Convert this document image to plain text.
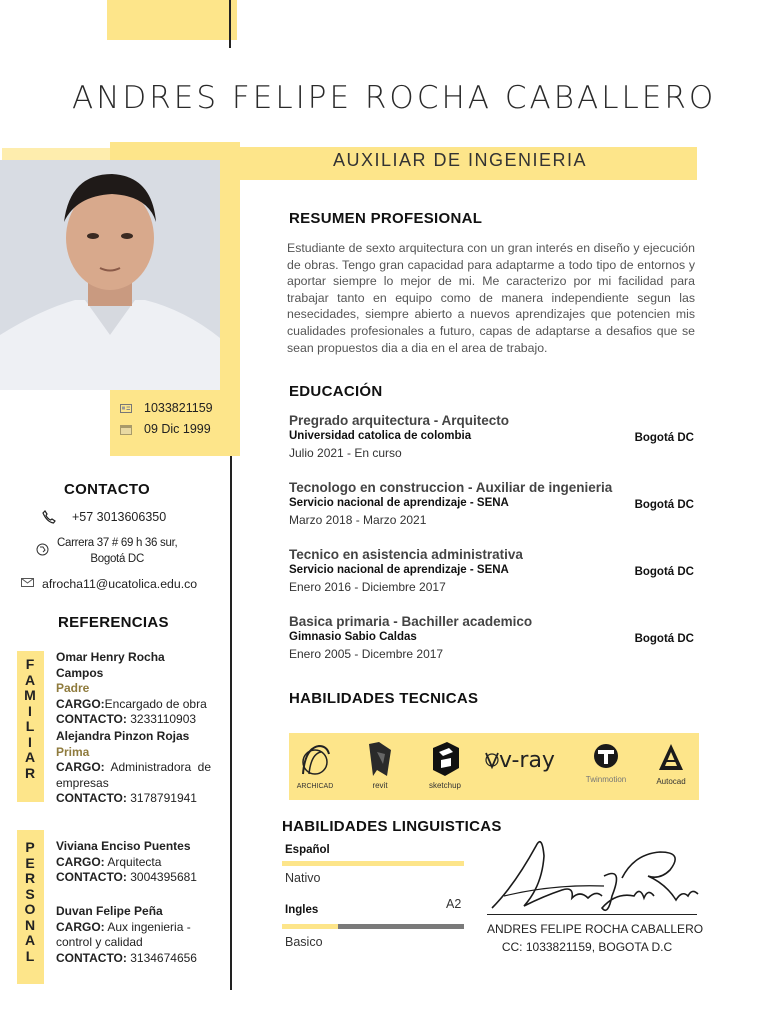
ANDRES FELIPE ROCHA CABALLERO
AUXILIAR DE INGENIERIA
1033821159
09 Dic 1999
CONTACTO
+57 3013606350
Carrera 37 # 69 h 36 sur,
Bogotá DC
afrocha11@ucatolica.edu.co
REFERENCIAS
F
A
M
I
L
I
A
R
P
E
R
S
O
N
A
L
Omar Henry Rocha Campos
Padre
CARGO:Encargado de obra
CONTACTO: 3233110903
Alejandra Pinzon Rojas
Prima
CARGO: Administradora de empresas
CONTACTO: 3178791941
Viviana Enciso Puentes
CARGO: Arquitecta
CONTACTO: 3004395681
Duvan Felipe Peña
CARGO: Aux ingenieria - control y calidad
CONTACTO: 3134674656
RESUMEN PROFESIONAL
Estudiante de sexto arquitectura con un gran interés en diseño y ejecución de obras. Tengo gran capacidad para adaptarme a todo tipo de entornos y aportar siempre lo mejor de mi. Me caracterizo por mi facilidad para trabajar tanto en equipo como de manera independiente segun las nesecidades, siempre abierto a nuevos aprendizajes que potencien mis cualidades profesionales a futuro, capas de adaptarse a desafios que se sean propuestos dia a dia en el area de trabajo.
EDUCACIÓN
Pregrado arquitectura - Arquitecto
Universidad catolica de colombia	Bogotá DC
Julio 2021 - En curso
Tecnologo en construccion - Auxiliar de ingenieria
Servicio nacional de aprendizaje - SENA	Bogotá DC
Marzo 2018 - Marzo 2021
Tecnico en asistencia administrativa
Servicio nacional de aprendizaje - SENA	Bogotá DC
Enero 2016 - Diciembre 2017
Basica primaria - Bachiller academico
Gimnasio Sabio Caldas	Bogotá DC
Enero 2005 - Dicembre 2017
HABILIDADES TECNICAS
ARCHICAD	revit	sketchup
v-ray
Twinmotion	Autocad
HABILIDADES LINGUISTICAS
Español
Nativo
Ingles	A2
Basico
ANDRES FELIPE ROCHA CABALLERO
CC: 1033821159, BOGOTA D.C
